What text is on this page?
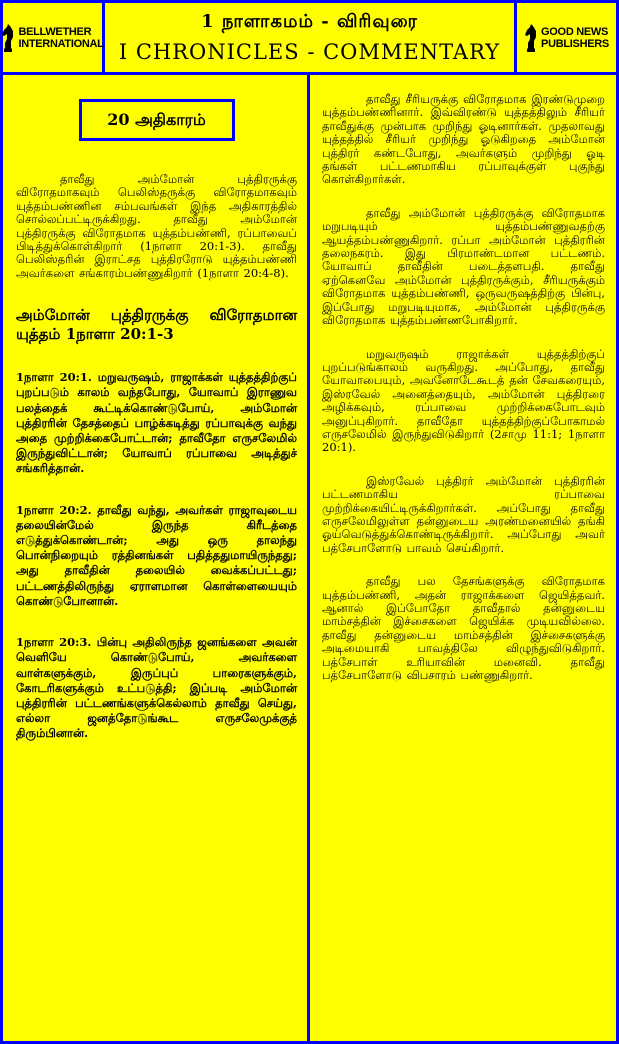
BELLWETHER
INTERNATIONAL
1 நாளாகமம் - விரிவுரை
I CHRONICLES - COMMENTARY
GOOD NEWS
PUBLISHERS
20 அதிகாரம்

தாவீது அம்மோன் புத்திரருக்கு விரோதமாகவும் பெலிஸ்தருக்கு விரோதமாகவும் யுத்தம்பண்ணின சம்பவங்கள் இந்த அதிகாரத்தில் சொல்லப்பட்டிருக்கிறது. தாவீது அம்மோன் புத்திரருக்கு விரோதமாக யுத்தம்பண்ணி, ரப்பாவைப் பிடித்துக்கொள்கிறார் (1நாளா 20:1-3). தாவீது பெலிஸ்தரின் இராட்சத புத்திரரோடு யுத்தம்பண்ணி அவர்களை சங்காரம்பண்ணுகிறார் (1நாளா 20:4-8).

அம்மோன் புத்திரருக்கு விரோதமான யுத்தம் 1நாளா 20:1-3
1நாளா 20:1. மறுவருஷம், ராஜாக்கள் யுத்தத்திற்குப் புறப்படும் காலம் வந்தபோது, யோவாப் இராணுவ பலத்தைக் கூட்டிக்கொண்டுபோய், அம்மோன் புத்திரரின் தேசத்தைப் பாழ்க்கடித்து ரப்பாவுக்கு வந்து அதை முற்றிக்கைபோட்டான்; தாவீதோ எருசலேமில் இருந்துவிட்டான்; யோவாப் ரப்பாவை அடித்துச் சங்கரித்தான்.
1நாளா 20:2. தாவீது வந்து, அவர்கள் ராஜாவுடைய தலையின்மேல் இருந்த கிரீடத்தை எடுத்துக்கொண்டான்; அது ஒரு தாலந்து பொன்நிறையும் ரத்தினங்கள் பதித்ததுமாயிருந்தது; அது தாவீதின் தலையில் வைக்கப்பட்டது; பட்டணத்திலிருந்து ஏராளமான கொள்ளையையும் கொண்டுபோனான்.
1நாளா 20:3. பின்பு அதிலிருந்த ஜனங்களை அவன் வெளியே கொண்டுபோய், அவர்களை வாள்களுக்கும், இருப்புப் பாரைகளுக்கும், கோடரிகளுக்கும் உட்படுத்தி; இப்படி அம்மோன் புத்திரரின் பட்டணங்களுக்கெல்லாம் தாவீது செய்து, எல்லா ஜனத்தோடுங்கூட எருசலேமுக்குத் திரும்பினான்.

தாவீது சீரியருக்கு விரோதமாக இரண்டுமுறை யுத்தம்பண்ணினார். இவ்விரண்டு யுத்தத்திலும் சீரியர் தாவீதுக்கு முன்பாக முறிந்து ஓடினார்கள். முதலாவது யுத்தத்தில் சீரியர் முறிந்து ஓடுகிறதை அம்மோன் புத்திரர் கண்டபோது, அவர்களும் முறிந்து ஓடி தங்கள் பட்டணமாகிய ரப்பாவுக்குள் புகுந்து கொள்கிறார்கள்.

தாவீது அம்மோன் புத்திரருக்கு விரோதமாக மறுபடியும் யுத்தம்பண்ணுவதற்கு ஆயத்தம்பண்ணுகிறார். ரப்பா அம்மோன் புத்திரரின் தலைநகரம். இது பிரமாண்டமான பட்டணம். யோவாப் தாவீதின் படைத்தளபதி. தாவீது ஏற்கெனவே அம்மோன் புத்திரருக்கும், சீரியருக்கும் விரோதமாக யுத்தம்பண்ணி, ஒருவருஷத்திற்கு பின்பு, இப்போது மறுபடியுமாக, அம்மோன் புத்திரருக்கு விரோதமாக யுத்தம்பண்ணபோகிறார்.

மறுவருஷம் ராஜாக்கள் யுத்தத்திற்குப் புறப்படுங்காலம் வருகிறது. அப்போது, தாவீது யோவாபையும், அவனோடேகூடத் தன் சேவகரையும், இஸ்ரவேல் அனைத்தையும், அம்மோன் புத்திரரை அழிக்கவும், ரப்பாவை முற்றிக்கைபோடவும் அனுப்புகிறார். தாவீதோ யுத்தத்திற்குப்போகாமல் எருசலேமில் இருந்துவிடுகிறார் (2சாமு 11:1; 1நாளா 20:1).

இஸ்ரவேல் புத்திரர் அம்மோன் புத்திரரின் பட்டணமாகிய ரப்பாவை முற்றிக்கையிட்டிருக்கிறார்கள். அப்போது தாவீது எருசலேமிலுள்ள தன்னுடைய அரண்மனையில் தங்கி ஓய்வெடுத்துக்கொண்டிருக்கிறார். அப்போது அவர் பத்சேபாளோடு பாவம் செய்கிறார்.

தாவீது பல தேசங்களுக்கு விரோதமாக யுத்தம்பண்ணி, அதன் ராஜாக்களை ஜெயித்தவர். ஆனால் இப்போதோ தாவீதால் தன்னுடைய மாம்சத்தின் இச்சைகளை ஜெயிக்க முடியவில்லை. தாவீது தன்னுடைய மாம்சத்தின் இச்சைகளுக்கு அடிமையாகி பாவத்திலே விழுந்துவிடுகிறார். பத்சேபாள் உரியாவின் மனைவி. தாவீது பத்சேபாளோடு விபசாரம் பண்ணுகிறார்.
